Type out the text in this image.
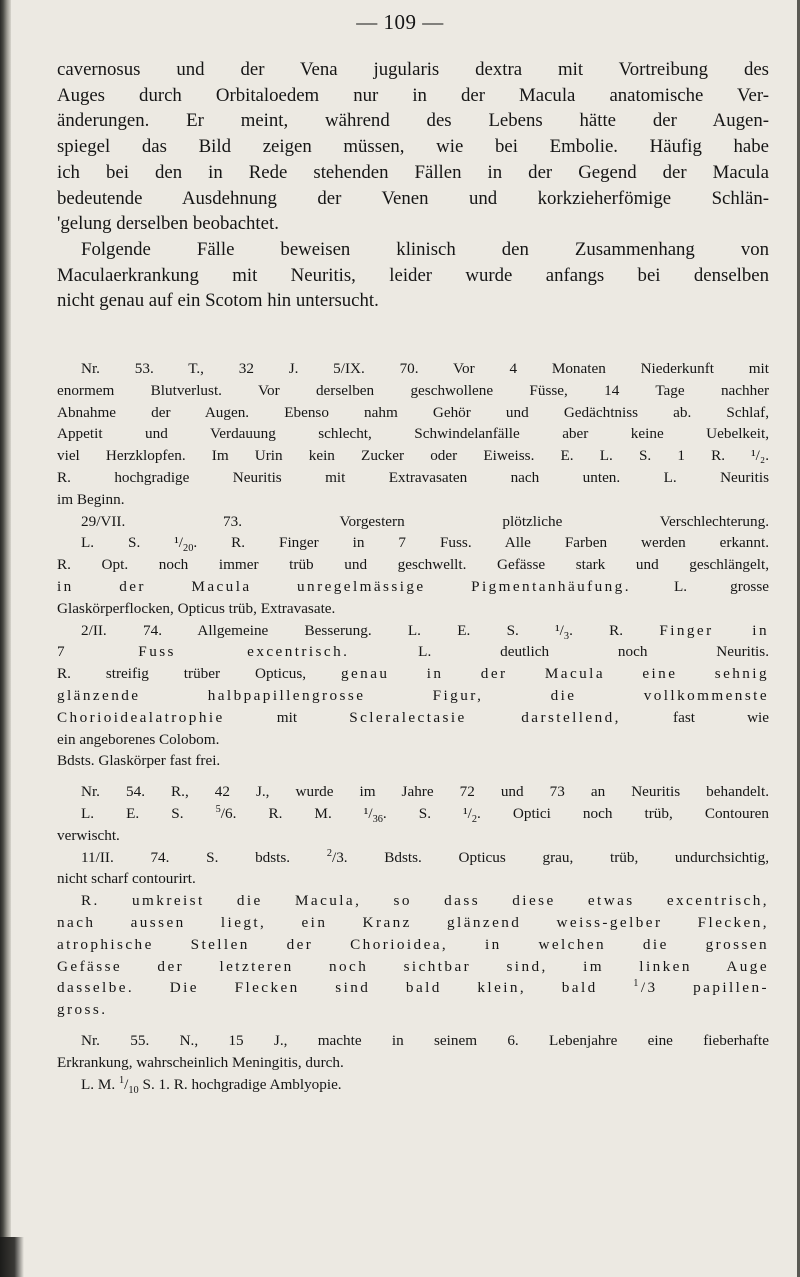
— 109 —

cavernosus und der Vena jugularis dextra mit Vortreibung des

Auges durch Orbitaloedem nur in der Macula anatomische Ver-

änderungen. Er meint, während des Lebens hätte der Augen-

spiegel das Bild zeigen müssen, wie bei Embolie. Häufig habe

ich bei den in Rede stehenden Fällen in der Gegend der Macula

bedeutende Ausdehnung der Venen und korkzieherfömige Schlän-

'gelung derselben beobachtet.

Folgende Fälle beweisen klinisch den Zusammenhang von

Maculaerkrankung mit Neuritis, leider wurde anfangs bei denselben

nicht genau auf ein Scotom hin untersucht.

Nr. 53. T., 32 J. 5/IX. 70. Vor 4 Monaten Niederkunft mit

enormem Blutverlust. Vor derselben geschwollene Füsse, 14 Tage nachher

Abnahme der Augen. Ebenso nahm Gehör und Gedächtniss ab. Schlaf,

Appetit und Verdauung schlecht, Schwindelanfälle aber keine Uebelkeit,

viel Herzklopfen. Im Urin kein Zucker oder Eiweiss. E. L. S. 1 R. ¹/₂.

R. hochgradige Neuritis mit Extravasaten nach unten. L. Neuritis

im Beginn.

29/VII. 73. Vorgestern plötzliche Verschlechterung.

L. S. $^1/_{20}$. R. Finger in 7 Fuss. Alle Farben werden erkannt.

R. Opt. noch immer trüb und geschwellt. Gefässe stark und geschlängelt,

in der Macula unregelmässige Pigmentanhäufung. L. grosse

Glaskörperflocken, Opticus trüb, Extravasate.

2/II. 74. Allgemeine Besserung. L. E. S. $^1/_3$. R. Finger in

7 Fuss excentrisch. L. deutlich noch Neuritis.

R. streifig trüber Opticus, genau in der Macula eine sehnig

glänzende halbpapillengrosse Figur, die vollkommenste

Chorioidealatrophie mit Scleralectasie darstellend, fast wie

ein angeborenes Colobom.

Bdsts. Glaskörper fast frei.

Nr. 54. R., 42 J., wurde im Jahre 72 und 73 an Neuritis behandelt.

L. E. S. $^5$/6. R. M. $^1/_{36}$. S. $^1/_2$. Optici noch trüb, Contouren

verwischt.

11/II. 74. S. bdsts. $^2$/3. Bdsts. Opticus grau, trüb, undurchsichtig,

nicht scharf contourirt.

R. umkreist die Macula, so dass diese etwas excentrisch,

nach aussen liegt, ein Kranz glänzend weiss-gelber Flecken,

atrophische Stellen der Chorioidea, in welchen die grossen

Gefässe der letzteren noch sichtbar sind, im linken Auge

dasselbe. Die Flecken sind bald klein, bald $^1$/3 papillen-

gross.

Nr. 55. N., 15 J., machte in seinem 6. Lebenjahre eine fieberhafte

Erkrankung, wahrscheinlich Meningitis, durch.

L. M. $^1/_{10}$ S. 1. R. hochgradige Amblyopie.
